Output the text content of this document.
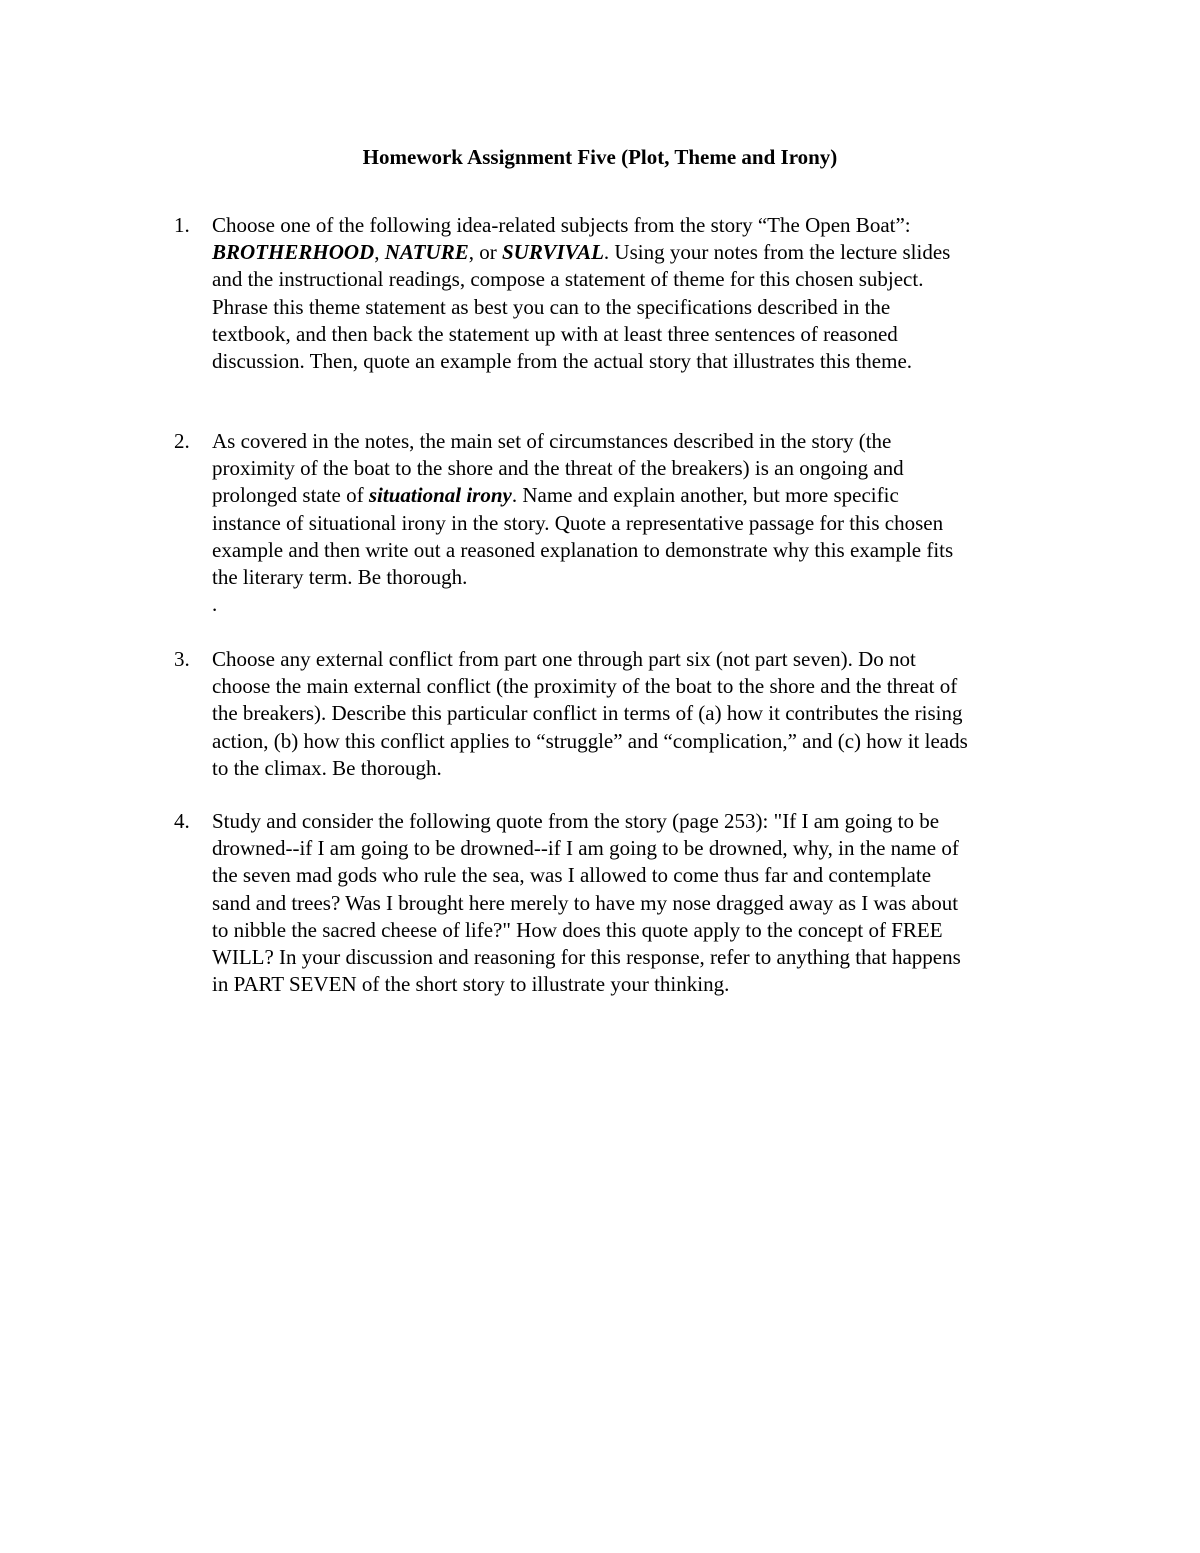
Homework Assignment Five (Plot, Theme and Irony)
1.	Choose one of the following idea-related subjects from the story “The Open Boat”:
BROTHERHOOD, NATURE, or SURVIVAL. Using your notes from the lecture slides
and the instructional readings, compose a statement of theme for this chosen subject.
Phrase this theme statement as best you can to the specifications described in the
textbook, and then back the statement up with at least three sentences of reasoned
discussion. Then, quote an example from the actual story that illustrates this theme.
2.	As covered in the notes, the main set of circumstances described in the story (the
proximity of the boat to the shore and the threat of the breakers) is an ongoing and
prolonged state of situational irony. Name and explain another, but more specific
instance of situational irony in the story. Quote a representative passage for this chosen
example and then write out a reasoned explanation to demonstrate why this example fits
the literary term. Be thorough.
.
3.	Choose any external conflict from part one through part six (not part seven). Do not
choose the main external conflict (the proximity of the boat to the shore and the threat of
the breakers). Describe this particular conflict in terms of (a) how it contributes the rising
action, (b) how this conflict applies to “struggle” and “complication,” and (c) how it leads
to the climax. Be thorough.
4.	Study and consider the following quote from the story (page 253): "If I am going to be
drowned--if I am going to be drowned--if I am going to be drowned, why, in the name of
the seven mad gods who rule the sea, was I allowed to come thus far and contemplate
sand and trees? Was I brought here merely to have my nose dragged away as I was about
to nibble the sacred cheese of life?" How does this quote apply to the concept of FREE
WILL? In your discussion and reasoning for this response, refer to anything that happens
in PART SEVEN of the short story to illustrate your thinking.
